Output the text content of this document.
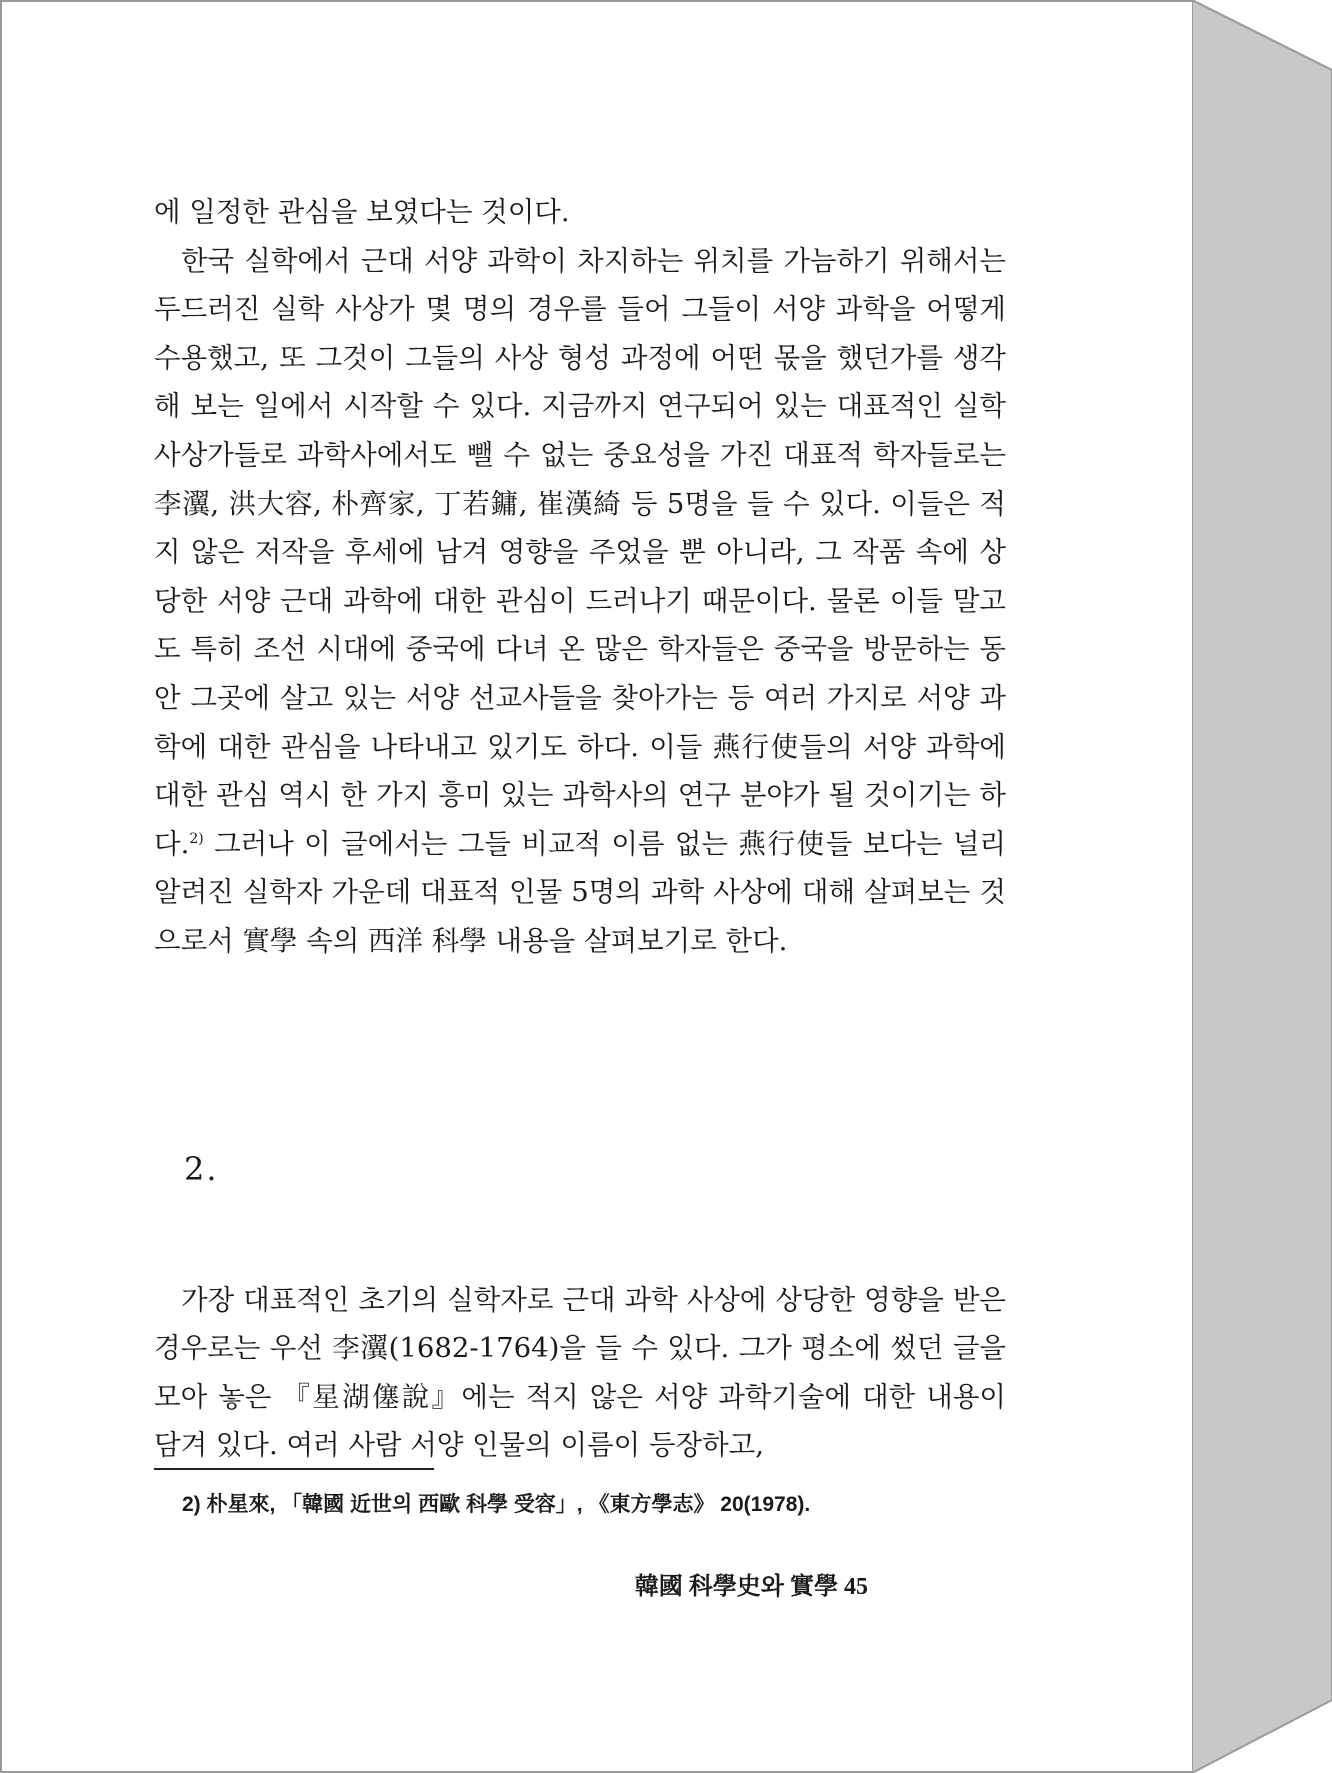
에 일정한 관심을 보였다는 것이다.

한국 실학에서 근대 서양 과학이 차지하는 위치를 가늠하기 위해서는 두드러진 실학 사상가 몇 명의 경우를 들어 그들이 서양 과학을 어떻게 수용했고, 또 그것이 그들의 사상 형성 과정에 어떤 몫을 했던가를 생각해 보는 일에서 시작할 수 있다. 지금까지 연구되어 있는 대표적인 실학 사상가들로 과학사에서도 뺄 수 없는 중요성을 가진 대표적 학자들로는 李瀷, 洪大容, 朴齊家, 丁若鏞, 崔漢綺 등 5명을 들 수 있다. 이들은 적지 않은 저작을 후세에 남겨 영향을 주었을 뿐 아니라, 그 작품 속에 상당한 서양 근대 과학에 대한 관심이 드러나기 때문이다. 물론 이들 말고도 특히 조선 시대에 중국에 다녀 온 많은 학자들은 중국을 방문하는 동안 그곳에 살고 있는 서양 선교사들을 찾아가는 등 여러 가지로 서양 과학에 대한 관심을 나타내고 있기도 하다. 이들 燕行使들의 서양 과학에 대한 관심 역시 한 가지 흥미 있는 과학사의 연구 분야가 될 것이기는 하다.$^{2)}$ 그러나 이 글에서는 그들 비교적 이름 없는 燕行使들 보다는 널리 알려진 실학자 가운데 대표적 인물 5명의 과학 사상에 대해 살펴보는 것으로서 實學 속의 西洋 科學 내용을 살펴보기로 한다.

2.

가장 대표적인 초기의 실학자로 근대 과학 사상에 상당한 영향을 받은 경우로는 우선 李瀷(1682-1764)을 들 수 있다. 그가 평소에 썼던 글을 모아 놓은 『星湖僿說』에는 적지 않은 서양 과학기술에 대한 내용이 담겨 있다. 여러 사람 서양 인물의 이름이 등장하고,

2) 朴星來, 「韓國 近世의 西歐 科學 受容」, 《東方學志》 20(1978).
韓國 科學史와 實學 45
